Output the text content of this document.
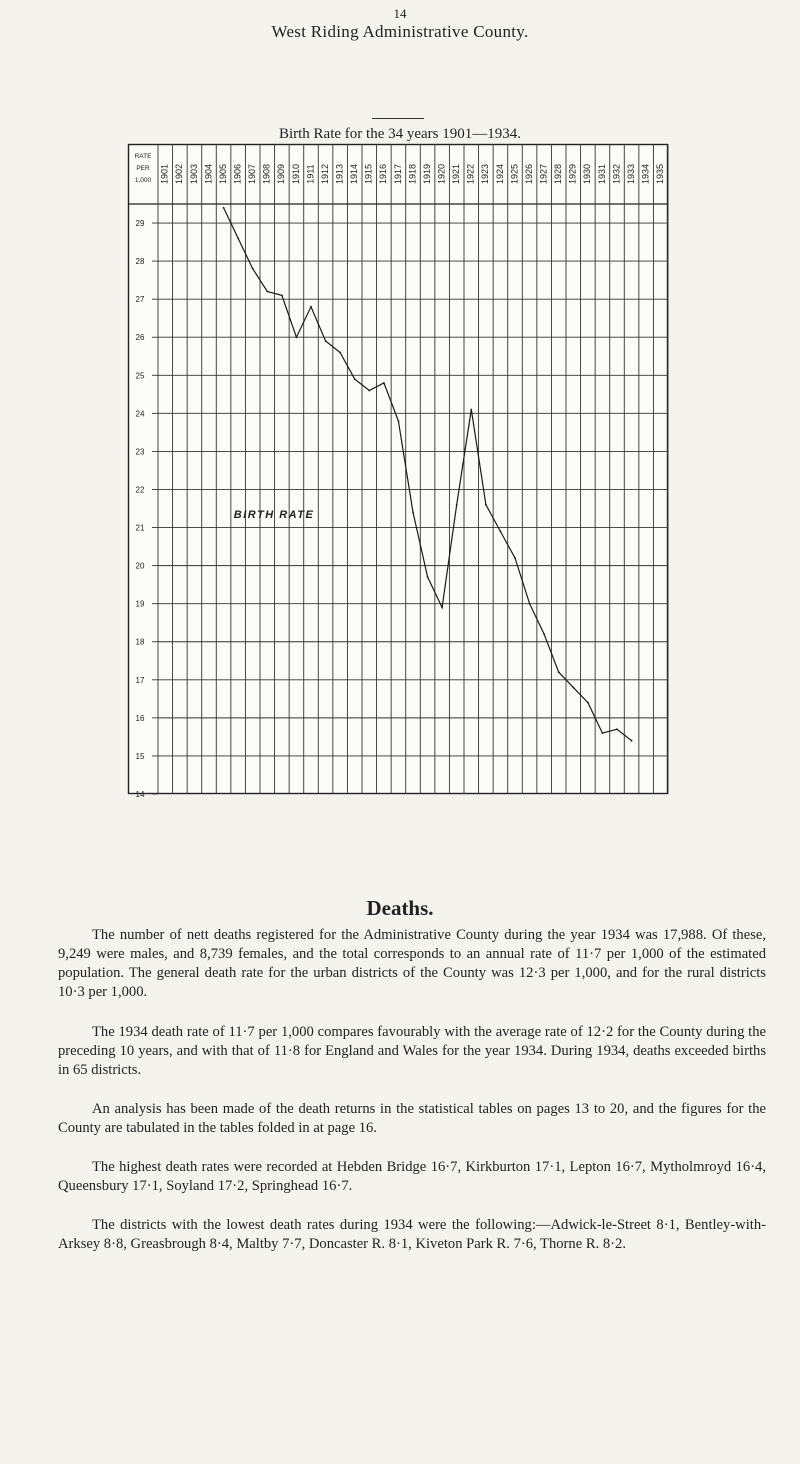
14
West Riding Administrative County.
Birth Rate for the 34 years 1901—1934.
29
28
27
26
25
24
23
22
21
20
19
18
17
16
15
14
RATE
PER
1,000 1901 1902 1903 1904 1905 1906 1907 1908 1909 1910 1911 1912 1913 1914 1915 1916 1917 1918 1919 1920 1921 1922 1923 1924 1925 1926 1927 1928 1929 1930 1931 1932 1933 1934 1935
BIRTH RATE
Deaths.

The number of nett deaths registered for the Administrative County during the year 1934 was 17,988. Of these, 9,249 were males, and 8,739 females, and the total corresponds to an annual rate of 11·7 per 1,000 of the estimated population. The general death rate for the urban districts of the County was 12·3 per 1,000, and for the rural districts 10·3 per 1,000.

The 1934 death rate of 11·7 per 1,000 compares favourably with the average rate of 12·2 for the County during the preceding 10 years, and with that of 11·8 for England and Wales for the year 1934. During 1934, deaths exceeded births in 65 districts.

An analysis has been made of the death returns in the statistical tables on pages 13 to 20, and the figures for the County are tabulated in the tables folded in at page 16.

The highest death rates were recorded at Hebden Bridge 16·7, Kirkburton 17·1, Lepton 16·7, Mytholmroyd 16·4, Queensbury 17·1, Soyland 17·2, Springhead 16·7.

The districts with the lowest death rates during 1934 were the following:—Adwick-le-Street 8·1, Bentley-with-Arksey 8·8, Greasbrough 8·4, Maltby 7·7, Doncaster R. 8·1, Kiveton Park R. 7·6, Thorne R. 8·2.
